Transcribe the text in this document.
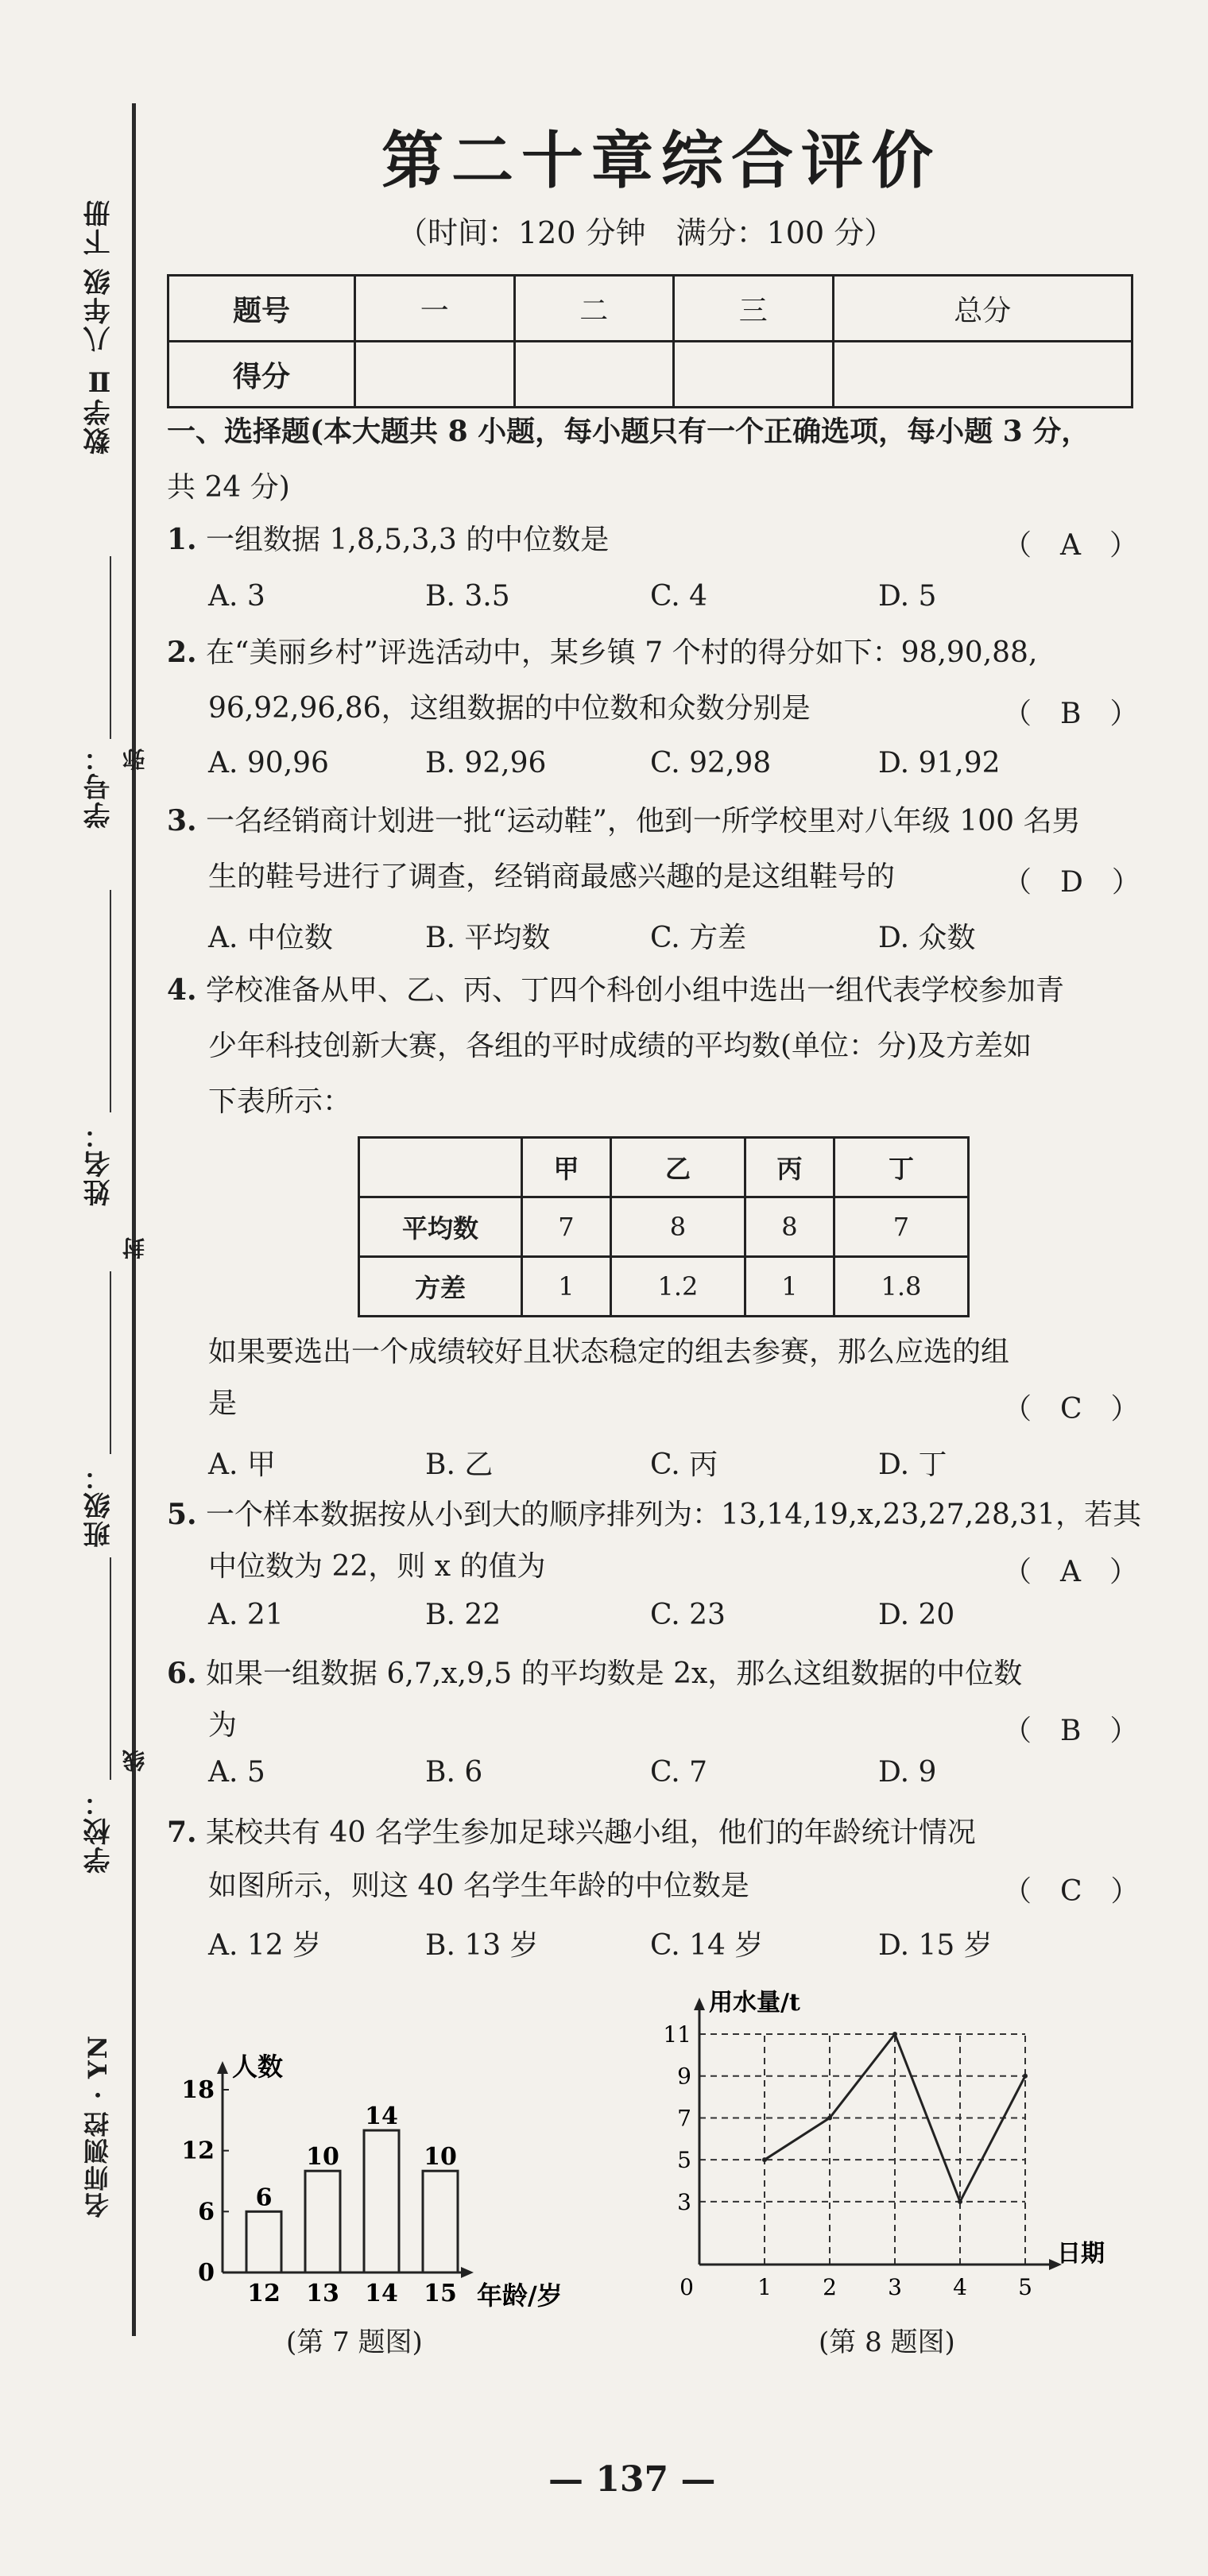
数学Ⅱ 八年级 下册
学号：
姓名：
班级：
学校：
弥
封
线
名师测控 · YN
第二十章综合评价
（时间：120 分钟　满分：100 分）
题号	一	二	三	总分
得分				
一、选择题(本大题共 8 小题，每小题只有一个正确选项，每小题 3 分，
共 24 分)
1. 一组数据 1,8,5,3,3 的中位数是	（　A　）
A. 3	B. 3.5	C. 4	D. 5
2. 在“美丽乡村”评选活动中，某乡镇 7 个村的得分如下：98,90,88,
96,92,96,86，这组数据的中位数和众数分别是	（　B　）
A. 90,96	B. 92,96	C. 92,98	D. 91,92
3. 一名经销商计划进一批“运动鞋”，他到一所学校里对八年级 100 名男
生的鞋号进行了调查，经销商最感兴趣的是这组鞋号的	（　D　）
A. 中位数	B. 平均数	C. 方差	D. 众数
4. 学校准备从甲、乙、丙、丁四个科创小组中选出一组代表学校参加青
少年科技创新大赛，各组的平时成绩的平均数(单位：分)及方差如
下表所示：
	甲	乙	丙	丁
平均数	7	8	8	7
方差	1	1.2	1	1.8
如果要选出一个成绩较好且状态稳定的组去参赛，那么应选的组
是	（　C　）
A. 甲	B. 乙	C. 丙	D. 丁
5. 一个样本数据按从小到大的顺序排列为：13,14,19,x,23,27,28,31，若其
中位数为 22，则 x 的值为	（　A　）
A. 21	B. 22	C. 23	D. 20
6. 如果一组数据 6,7,x,9,5 的平均数是 2x，那么这组数据的中位数
为	（　B　）
A. 5	B. 6	C. 7	D. 9
7. 某校共有 40 名学生参加足球兴趣小组，他们的年龄统计情况
如图所示，则这 40 名学生年龄的中位数是	（　C　）
A. 12 岁	B. 13 岁	C. 14 岁	D. 15 岁
人数
年龄/岁
0
6
12
18
6
12
10
13
14
14
10
15
(第 7 题图)
3
5
7
9
11
用水量/t
日期
0	1 2 3 4 5
(第 8 题图)
— 137 —
